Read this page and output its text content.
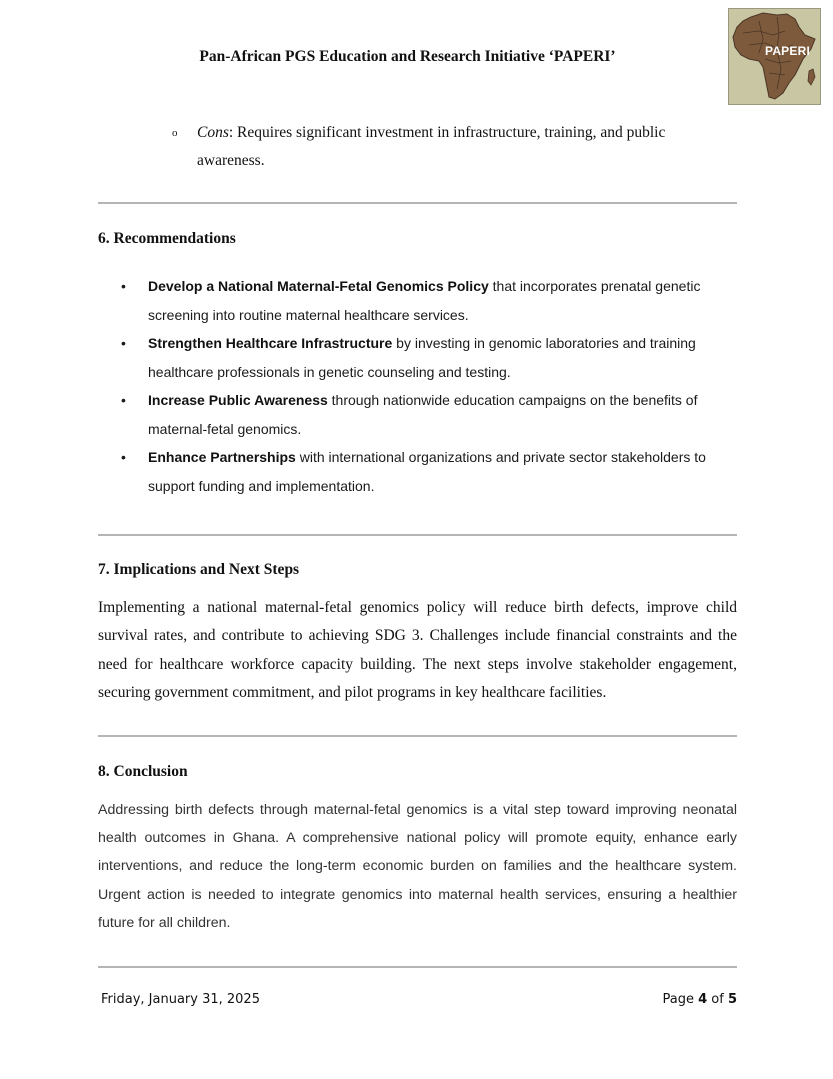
Pan-African PGS Education and Research Initiative ‘PAPERI’	PAPERI
o Cons: Requires significant investment in infrastructure, training, and public awareness.
6. Recommendations
• Develop a National Maternal-Fetal Genomics Policy that incorporates prenatal genetic screening into routine maternal healthcare services.
• Strengthen Healthcare Infrastructure by investing in genomic laboratories and training healthcare professionals in genetic counseling and testing.
• Increase Public Awareness through nationwide education campaigns on the benefits of maternal-fetal genomics.
• Enhance Partnerships with international organizations and private sector stakeholders to support funding and implementation.
7. Implications and Next Steps

Implementing a national maternal-fetal genomics policy will reduce birth defects, improve child survival rates, and contribute to achieving SDG 3. Challenges include financial constraints and the need for healthcare workforce capacity building. The next steps involve stakeholder engagement, securing government commitment, and pilot programs in key healthcare facilities.

8. Conclusion

Addressing birth defects through maternal-fetal genomics is a vital step toward improving neonatal health outcomes in Ghana. A comprehensive national policy will promote equity, enhance early interventions, and reduce the long-term economic burden on families and the healthcare system. Urgent action is needed to integrate genomics into maternal health services, ensuring a healthier future for all children.

Friday, January 31, 2025	Page 4 of 5
